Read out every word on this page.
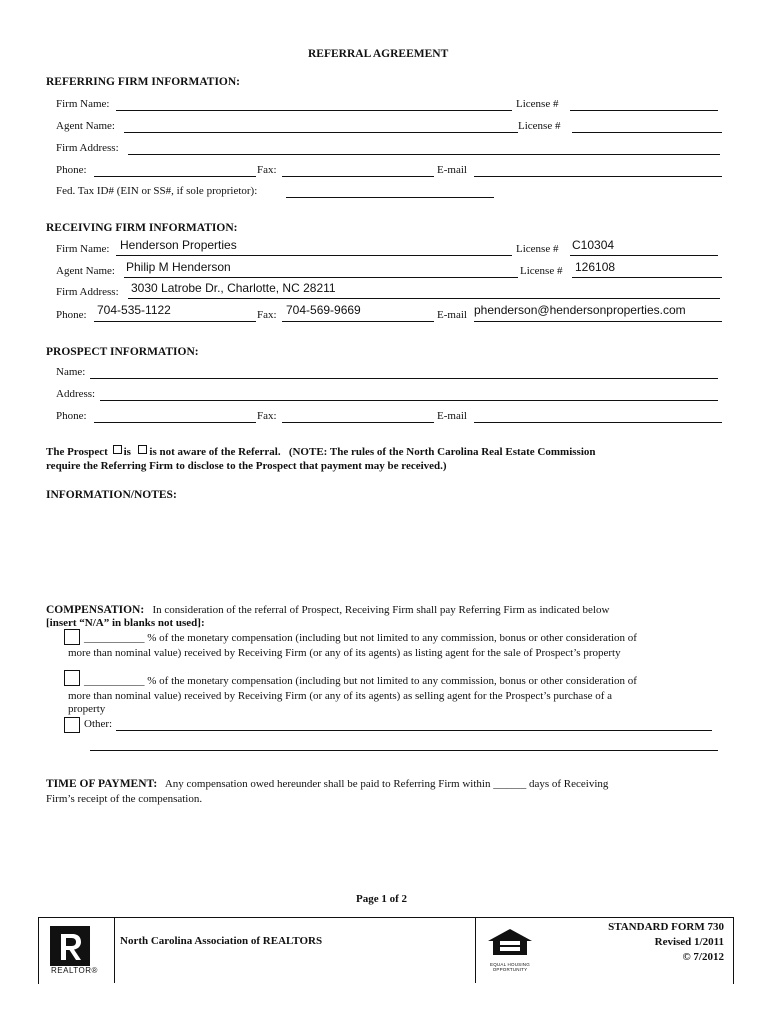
REFERRAL AGREEMENT
REFERRING FIRM INFORMATION:
Firm Name:	License #
Agent Name:	License #
Firm Address:
Phone:	Fax:	E-mail
Fed. Tax ID# (EIN or SS#, if sole proprietor):
RECEIVING FIRM INFORMATION:
Firm Name: Henderson Properties	License # C10304
Agent Name: Philip M Henderson	License # 126108
Firm Address: 3030 Latrobe Dr., Charlotte, NC 28211
Phone: 704-535-1122	Fax: 704-569-9669	E-mail phenderson@hendersonproperties.com
PROSPECT INFORMATION:
Name:
Address:
Phone:	Fax:	E-mail
The Prospect is is not aware of the Referral. (NOTE: The rules of the North Carolina Real Estate Commission
require the Referring Firm to disclose to the Prospect that payment may be received.)
INFORMATION/NOTES:
COMPENSATION: In consideration of the referral of Prospect, Receiving Firm shall pay Referring Firm as indicated below
[insert “N/A” in blanks not used]:
___________ % of the monetary compensation (including but not limited to any commission, bonus or other consideration of
more than nominal value) received by Receiving Firm (or any of its agents) as listing agent for the sale of Prospect’s property
___________ % of the monetary compensation (including but not limited to any commission, bonus or other consideration of
more than nominal value) received by Receiving Firm (or any of its agents) as selling agent for the Prospect’s purchase of a
property
Other:
TIME OF PAYMENT: Any compensation owed hereunder shall be paid to Referring Firm within ______ days of Receiving
Firm’s receipt of the compensation.
Page 1 of 2
REALTOR®
North Carolina Association of REALTORS
EQUAL HOUSING OPPORTUNITY
STANDARD FORM 730
Revised 1/2011
© 7/2012
